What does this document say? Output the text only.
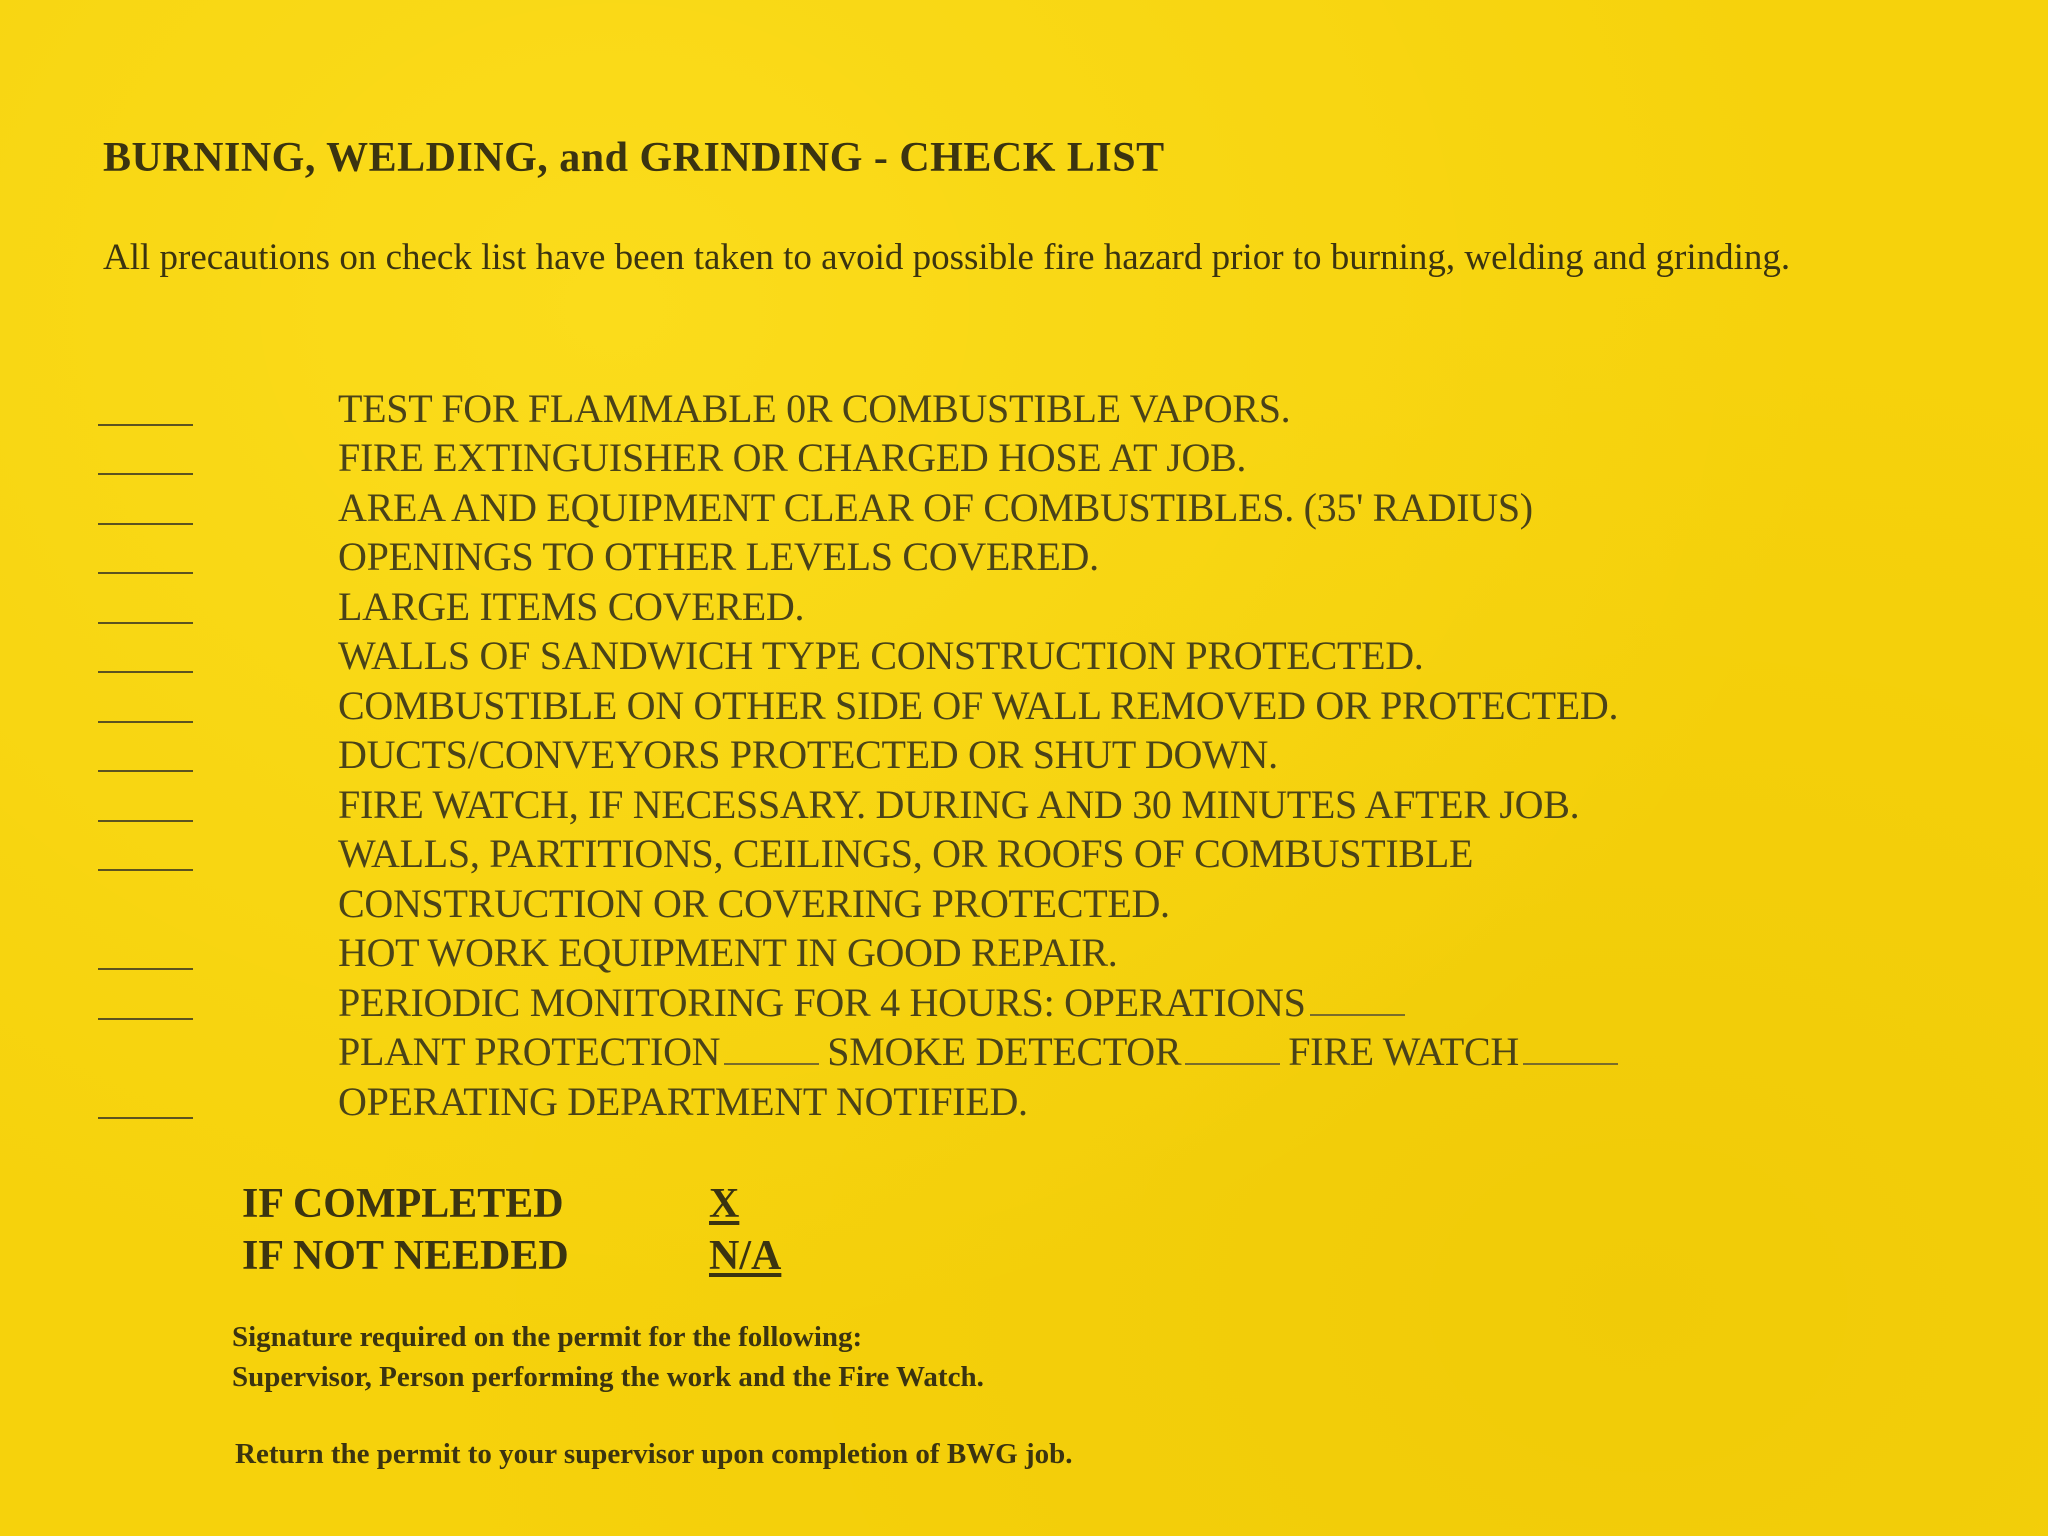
BURNING, WELDING, and GRINDING - CHECK LIST
All precautions on check list have been taken to avoid possible fire hazard prior to burning, welding and grinding.
TEST FOR FLAMMABLE 0R COMBUSTIBLE VAPORS.
FIRE EXTINGUISHER OR CHARGED HOSE AT JOB.
AREA AND EQUIPMENT CLEAR OF COMBUSTIBLES. (35' RADIUS)
OPENINGS TO OTHER LEVELS COVERED.
LARGE ITEMS COVERED.
WALLS OF SANDWICH TYPE CONSTRUCTION PROTECTED.
COMBUSTIBLE ON OTHER SIDE OF WALL REMOVED OR PROTECTED.
DUCTS/CONVEYORS PROTECTED OR SHUT DOWN.
FIRE WATCH, IF NECESSARY. DURING AND 30 MINUTES AFTER JOB.
WALLS, PARTITIONS, CEILINGS, OR ROOFS OF COMBUSTIBLE
CONSTRUCTION OR COVERING PROTECTED.
HOT WORK EQUIPMENT IN GOOD REPAIR.
PERIODIC MONITORING FOR 4 HOURS: OPERATIONS
PLANT PROTECTION	SMOKE DETECTOR	FIRE WATCH
OPERATING DEPARTMENT NOTIFIED.
IF COMPLETED	X
IF NOT NEEDED	N/A
Signature required on the permit for the following:
Supervisor, Person performing the work and the Fire Watch.
Return the permit to your supervisor upon completion of BWG job.
